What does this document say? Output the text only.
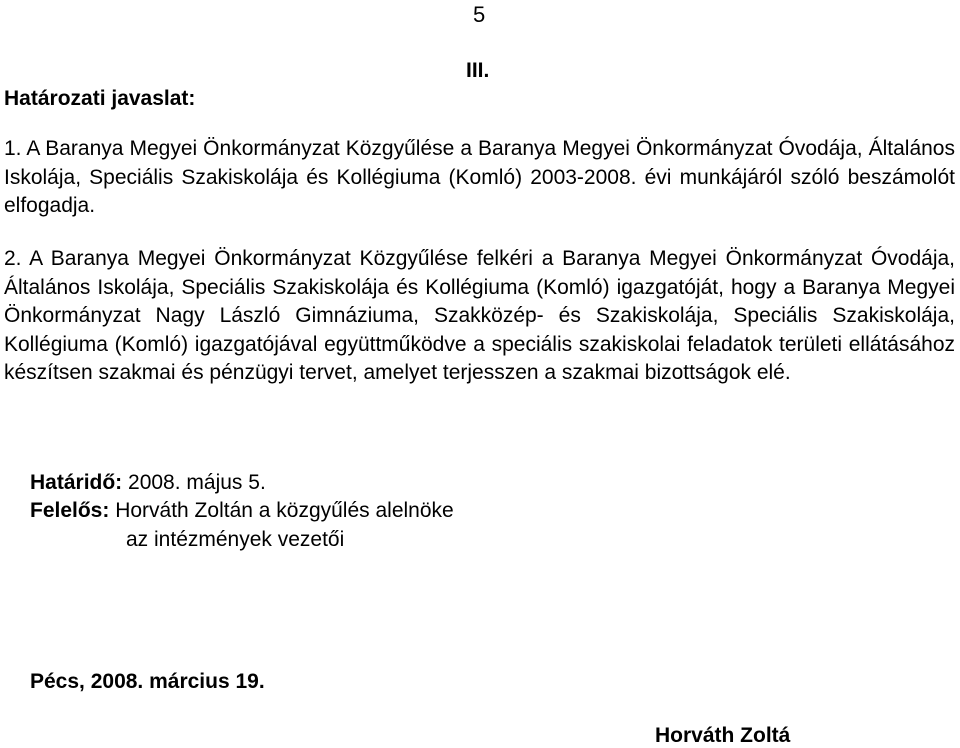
5
III.
Határozati javaslat:

1. A Baranya Megyei Önkormányzat Közgyűlése a Baranya Megyei Önkormányzat Óvodája, Általános Iskolája, Speciális Szakiskolája és Kollégiuma (Komló) 2003-2008. évi munkájáról szóló beszámolót elfogadja.

2. A Baranya Megyei Önkormányzat Közgyűlése felkéri a Baranya Megyei Önkormányzat Óvodája, Általános Iskolája, Speciális Szakiskolája és Kollégiuma (Komló) igazgatóját, hogy a Baranya Megyei Önkormányzat Nagy László Gimnáziuma, Szakközép- és Szakiskolája, Speciális Szakiskolája, Kollégiuma (Komló) igazgatójával együttműködve a speciális szakiskolai feladatok területi ellátásához készítsen szakmai és pénzügyi tervet, amelyet terjesszen a szakmai bizottságok elé.

Határidő: 2008. május 5.
Felelős: Horváth Zoltán a közgyűlés alelnöke
az intézmények vezetői
Pécs, 2008. március 19.
Horváth Zoltá
